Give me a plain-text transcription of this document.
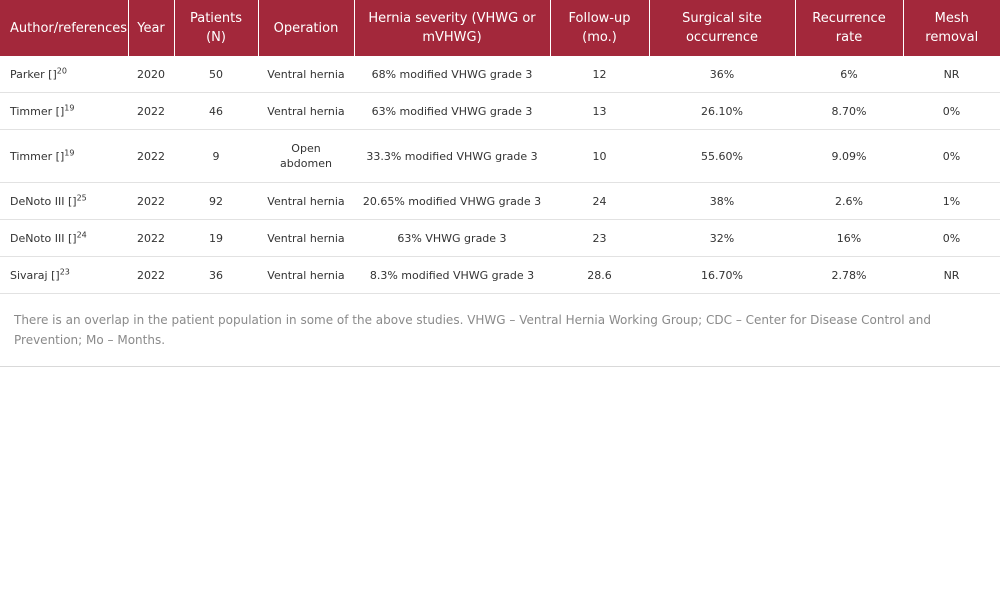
Author/references	Year	Patients (N)	Operation	Hernia severity (VHWG or mVHWG)	Follow-up (mo.)	Surgical site occurrence	Recurrence rate	Mesh removal
Parker []$^{20}$	2020	50	Ventral hernia	68% modified VHWG grade 3	12	36%	6%	NR
Timmer []$^{19}$	2022	46	Ventral hernia	63% modified VHWG grade 3	13	26.10%	8.70%	0%
Timmer []$^{19}$	2022	9	Open abdomen	33.3% modified VHWG grade 3	10	55.60%	9.09%	0%
DeNoto III []$^{25}$	2022	92	Ventral hernia	20.65% modified VHWG grade 3	24	38%	2.6%	1%
DeNoto III []$^{24}$	2022	19	Ventral hernia	63% VHWG grade 3	23	32%	16%	0%
Sivaraj []$^{23}$	2022	36	Ventral hernia	8.3% modified VHWG grade 3	28.6	16.70%	2.78%	NR
There is an overlap in the patient population in some of the above studies. VHWG – Ventral Hernia Working Group; CDC – Center for Disease Control and Prevention; Mo – Months.
